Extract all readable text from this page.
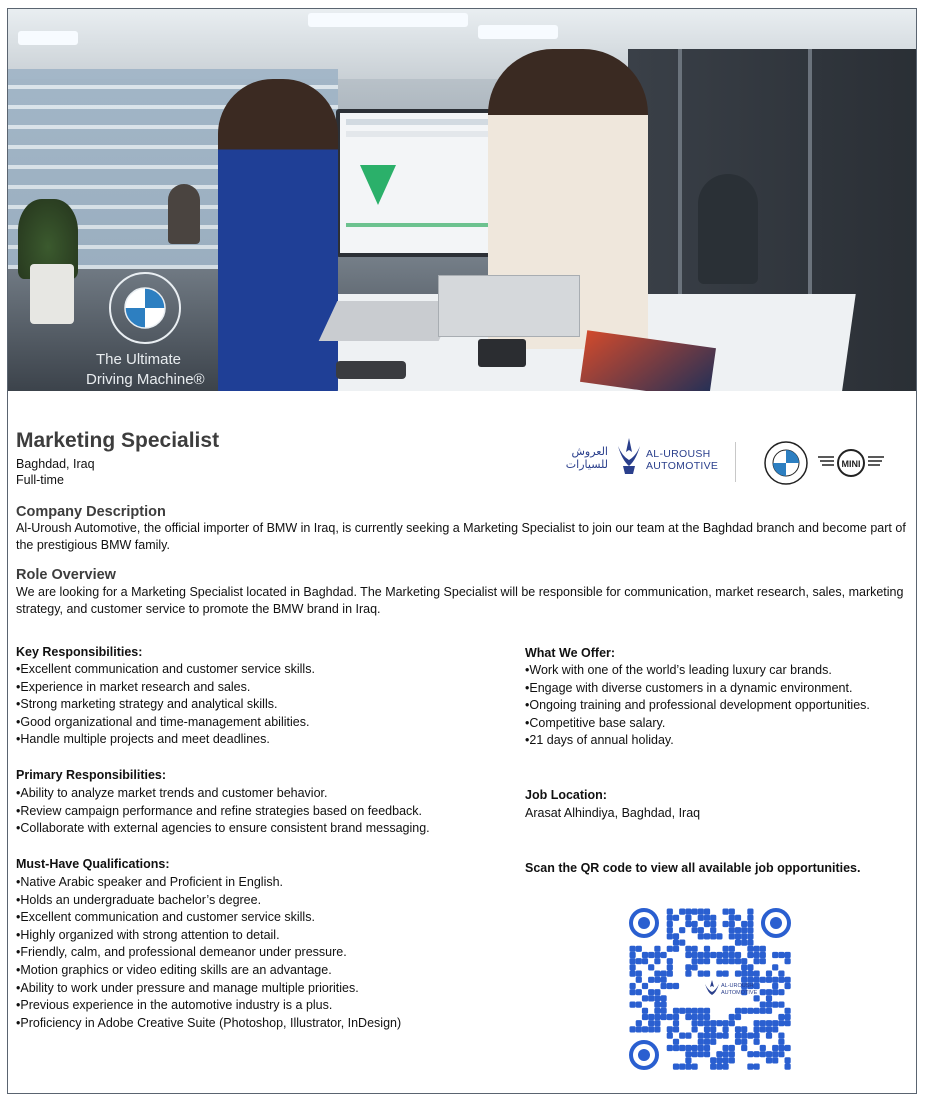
The Ultimate
Driving Machine®
Marketing Specialist
Baghdad, Iraq
Full-time
العروش
للسيارات
AL-UROUSH
AUTOMOTIVE	MINI
Company Description

Al-Uroush Automotive, the official importer of BMW in Iraq, is currently seeking a Marketing Specialist to join our team at the Baghdad branch and become part of the prestigious BMW family.

Role Overview

We are looking for a Marketing Specialist located in Baghdad. The Marketing Specialist will be responsible for communication, market research, sales, marketing strategy, and customer service to promote the BMW brand in Iraq.

Key Responsibilities:
•Excellent communication and customer service skills.
•Experience in market research and sales.
•Strong marketing strategy and analytical skills.
•Good organizational and time-management abilities.
•Handle multiple projects and meet deadlines.
Primary Responsibilities:
•Ability to analyze market trends and customer behavior.
•Review campaign performance and refine strategies based on feedback.
•Collaborate with external agencies to ensure consistent brand messaging.
Must-Have Qualifications:
•Native Arabic speaker and Proficient in English.
•Holds an undergraduate bachelor’s degree.
•Excellent communication and customer service skills.
•Highly organized with strong attention to detail.
•Friendly, calm, and professional demeanor under pressure.
•Motion graphics or video editing skills are an advantage.
•Ability to work under pressure and manage multiple priorities.
•Previous experience in the automotive industry is a plus.
•Proficiency in Adobe Creative Suite (Photoshop, Illustrator, InDesign)
What We Offer:
•Work with one of the world’s leading luxury car brands.
•Engage with diverse customers in a dynamic environment.
•Ongoing training and professional development opportunities.
•Competitive base salary.
•21 days of annual holiday.
Job Location:
Arasat Alhindiya, Baghdad, Iraq
Scan the QR code to view all available job opportunities.
AL-UROUSH
AUTOMOTIVE
